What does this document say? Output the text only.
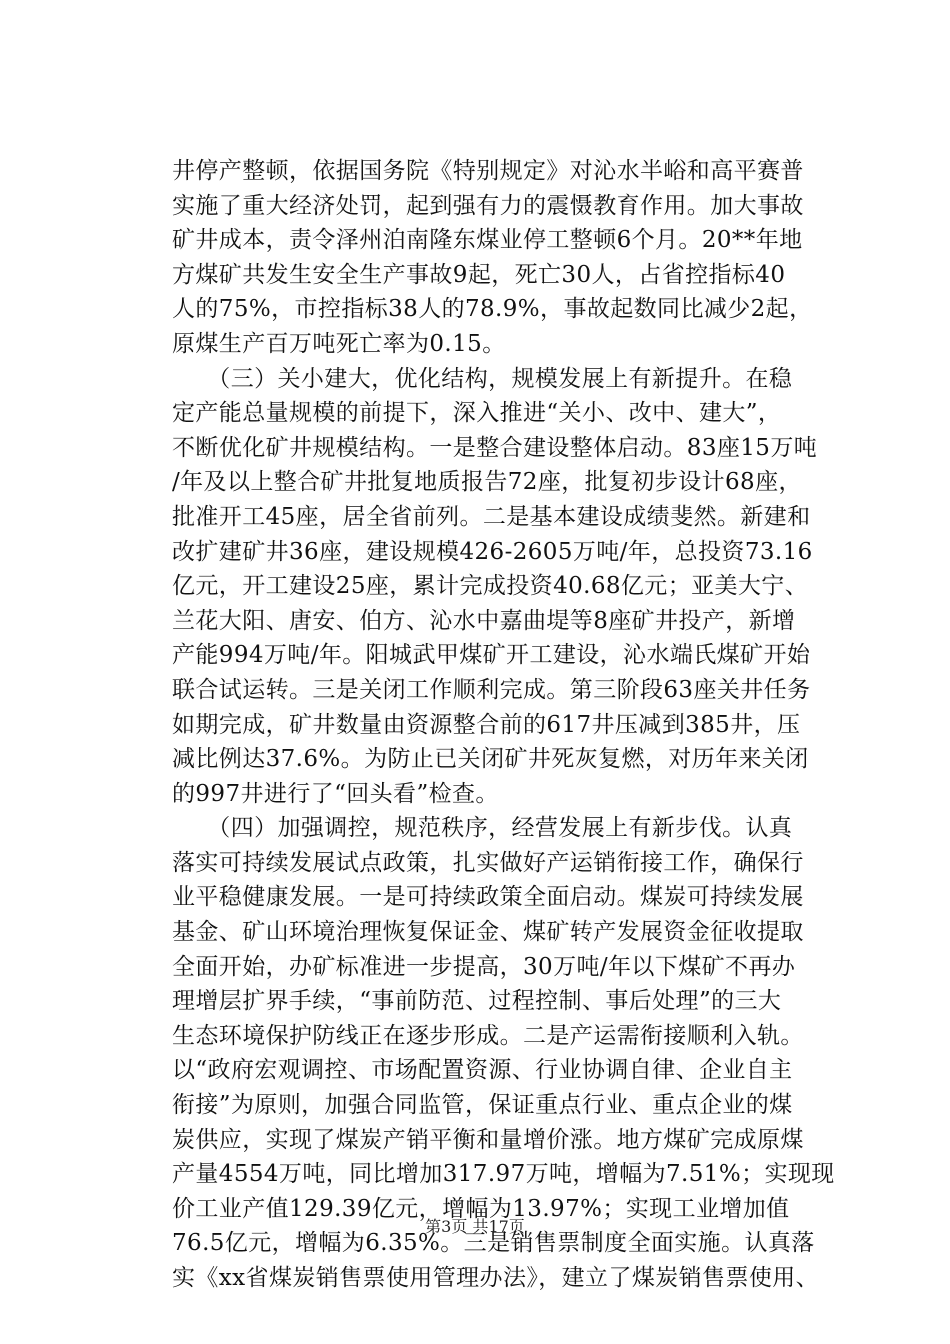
井停产整顿，依据国务院《特别规定》对沁水半峪和高平赛普
实施了重大经济处罚，起到强有力的震慑教育作用。加大事故
矿井成本，责令泽州泊南隆东煤业停工整顿6个月。20**年地
方煤矿共发生安全生产事故9起，死亡30人，占省控指标40
人的75%，市控指标38人的78.9%，事故起数同比减少2起，
原煤生产百万吨死亡率为0.15。
　　（三）关小建大，优化结构，规模发展上有新提升。在稳
定产能总量规模的前提下，深入推进“关小、改中、建大”，
不断优化矿井规模结构。一是整合建设整体启动。83座15万吨
/年及以上整合矿井批复地质报告72座，批复初步设计68座，
批准开工45座，居全省前列。二是基本建设成绩斐然。新建和
改扩建矿井36座，建设规模426-2605万吨/年，总投资73.16
亿元，开工建设25座，累计完成投资40.68亿元；亚美大宁、
兰花大阳、唐安、伯方、沁水中嘉曲堤等8座矿井投产，新增
产能994万吨/年。阳城武甲煤矿开工建设，沁水端氏煤矿开始
联合试运转。三是关闭工作顺利完成。第三阶段63座关井任务
如期完成，矿井数量由资源整合前的617井压减到385井，压
减比例达37.6%。为防止已关闭矿井死灰复燃，对历年来关闭
的997井进行了“回头看”检查。
　　（四）加强调控，规范秩序，经营发展上有新步伐。认真
落实可持续发展试点政策，扎实做好产运销衔接工作，确保行
业平稳健康发展。一是可持续政策全面启动。煤炭可持续发展
基金、矿山环境治理恢复保证金、煤矿转产发展资金征收提取
全面开始，办矿标准进一步提高，30万吨/年以下煤矿不再办
理增层扩界手续，“事前防范、过程控制、事后处理”的三大
生态环境保护防线正在逐步形成。二是产运需衔接顺利入轨。
以“政府宏观调控、市场配置资源、行业协调自律、企业自主
衔接”为原则，加强合同监管，保证重点行业、重点企业的煤
炭供应，实现了煤炭产销平衡和量增价涨。地方煤矿完成原煤
产量4554万吨，同比增加317.97万吨，增幅为7.51%；实现现
价工业产值129.39亿元，增幅为13.97%；实现工业增加值
76.5亿元，增幅为6.35%。三是销售票制度全面实施。认真落
实《xx省煤炭销售票使用管理办法》，建立了煤炭销售票使用、
第3页 共17页
